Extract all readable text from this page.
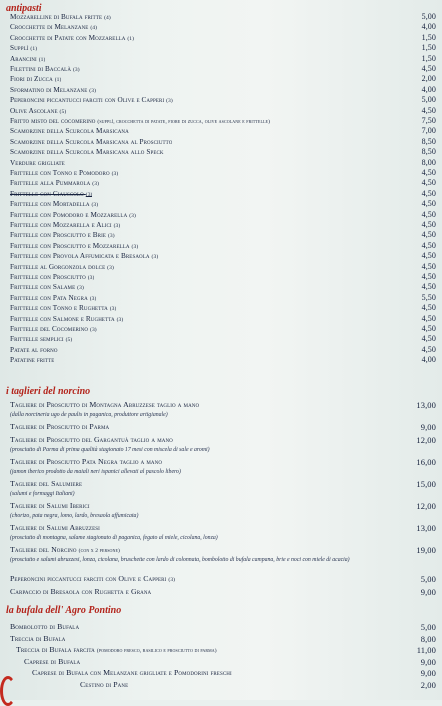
antipasti
Mozzarelline di Bufala fritte (4)	5,00
Crocchette di Melanzane (4)	4,00
Crocchette di Patate con Mozzarella (1)	1,50
Supplì (1)	1,50
Arancini (1)	1,50
Filettini di Baccalà (3)	4,50
Fiori di Zucca (1)	2,00
Sformatino di Melanzane (3)	4,00
Peperoncini piccantucci farciti con Olive e Capperi (3)	5,00
Olive Ascolane (5)	4,50
Fritto misto del cocomerino (supplì, crocchetta di patate, fiore di zucca, olive ascolane e frittelle)	7,50
Scamorzine della Scurcola Marsicana	7,00
Scamorzine della Scurcola Marsicana al Prosciutto	8,50
Scamorzine della Scurcola Marsicana allo Speck	8,50
Verdure grigliate	8,00
Frittelle con Tonno e Pomodoro (3)	4,50
Frittelle alla Pummarola (3)	4,50
Frittelle con Ciauscolo (3)	4,50
Frittelle con Mortadella (3)	4,50
Frittelle con Pomodoro e Mozzarella (3)	4,50
Frittelle con Mozzarella e Alici (3)	4,50
Frittelle con Prosciutto e Brie (3)	4,50
Frittelle con Prosciutto e Mozzarella (3)	4,50
Frittelle con Provola Affumicata e Bresaola (3)	4,50
Frittelle al Gorgonzola dolce (3)	4,50
Frittelle con Prosciutto (3)	4,50
Frittelle con Salame (3)	4,50
Frittelle con Pata Negra (3)	5,50
Frittelle con Tonno e Rughetta (3)	4,50
Frittelle con Salmone e Rughetta (3)	4,50
Frittelle del Cocomerino (3)	4,50
Frittelle semplici (5)	4,50
Patate al forno	4,50
Patatine fritte	4,00
i taglieri del norcino
Tagliere di Prosciutto di Montagna Abruzzese taglio a mano	13,00
(dalla norcineria ugo de paulis in paganica, produttore artigianale)
Tagliere di Prosciutto di Parma	9,00
Tagliere di Prosciutto del Gargantuà taglio a mano	12,00
(prosciutto di Parma di prima qualità stagionato 17 mesi con miscela di sale e aromi)
Tagliere di Prosciutto Pata Negra taglio a mano	16,00
(jamon iberico prodotto da maiali neri ispanici allevati al pascolo libero)
Tagliere del Salumiere	15,00
(salumi e formaggi Italiani)
Tagliere di Salumi Iberici	12,00
(chorizo, pata negra, lomo, lardo, bresaola affumicata)
Tagliere di Salumi Abruzzesi	13,00
(prosciutto di montagna, salame stagionato di paganica, fegato al miele, cicolana, lonza)
Tagliere del Norcino (con x 2 persone)	19,00
(prosciutto e salumi abruzzesi, lonza, cicolana, bruschette con lardo di colonnata, bombolotto di bufala campana, brie e noci con miele di acacia)
Peperoncini piccantucci farciti con Olive e Capperi (3)	5,00
Carpaccio di Bresaola con Rughetta e Grana	9,00
la bufala dell' Agro Pontino
Bombolotto di Bufala	5,00
Treccia di Bufala	8,00
Treccia di Bufala farcita (pomodoro fresco, basilico e prosciutto di parma)	11,00
Caprese di Bufala	9,00
Caprese di Bufala con Melanzane grigliate e Pomodorini freschi	9,00
Cestino di Pane	2,00
